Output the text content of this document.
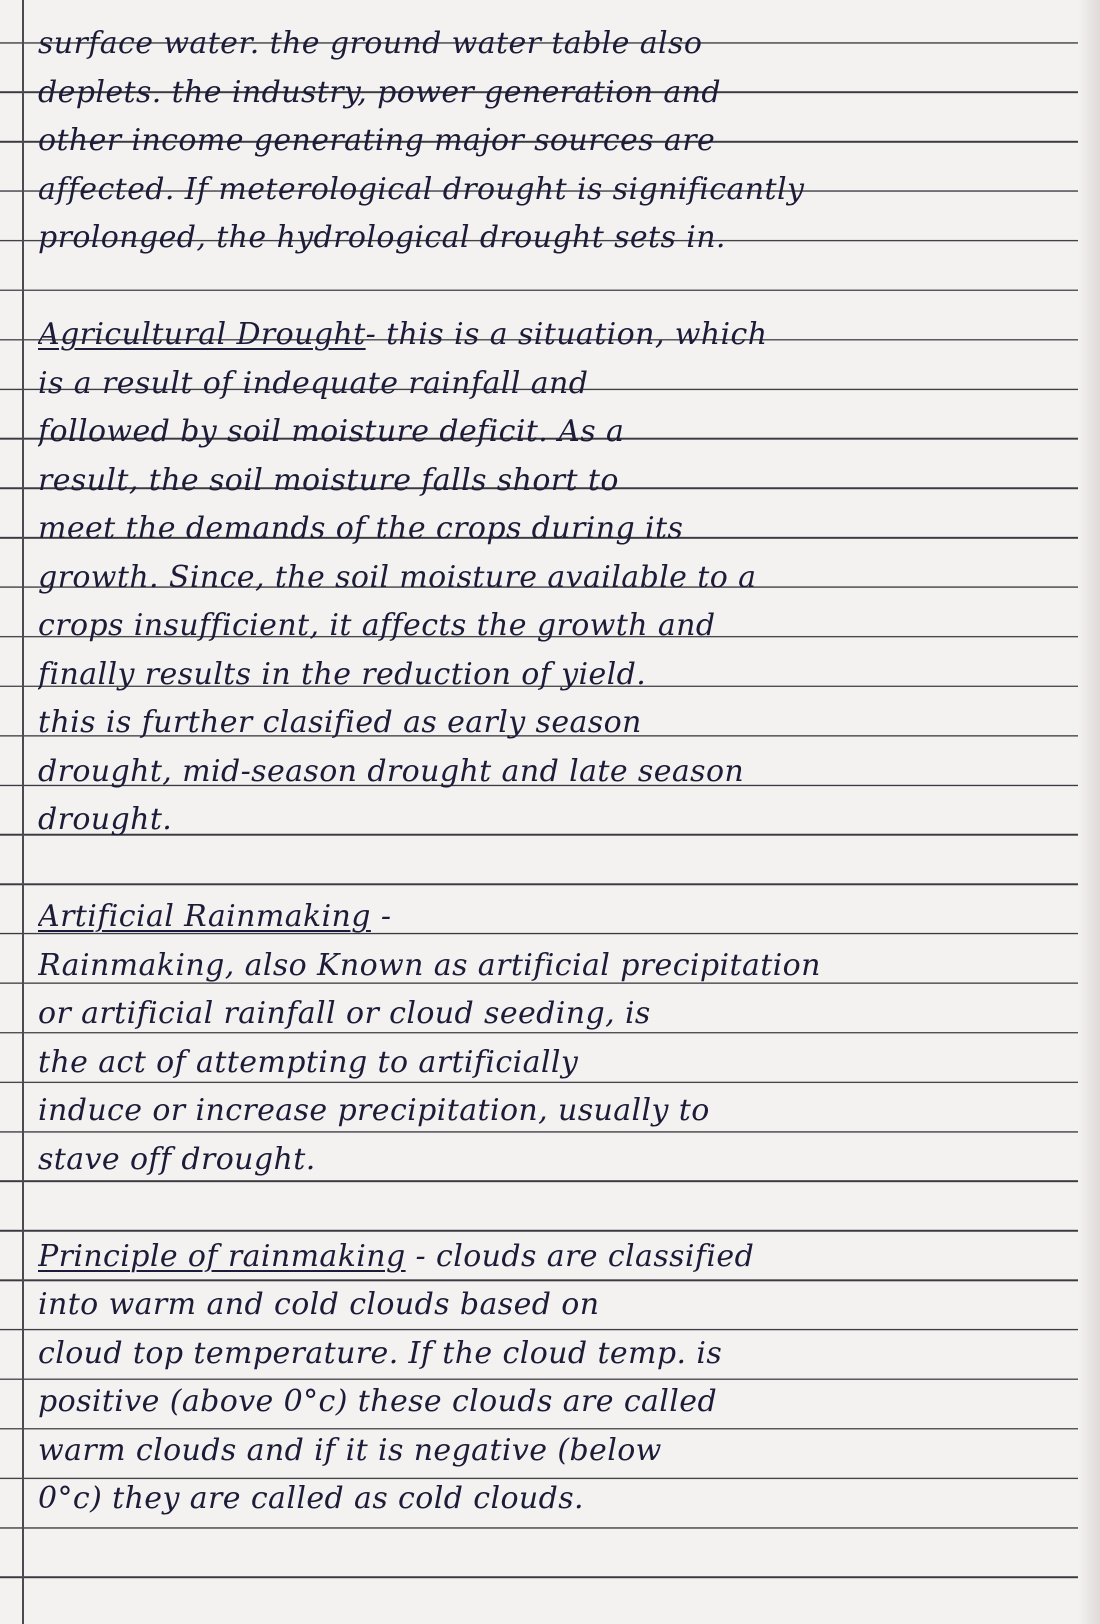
surface water. the ground water table also
deplets. the industry, power generation and
other income generating major sources are
affected. If meterological drought is significantly
prolonged, the hydrological drought sets in.
Agricultural Drought- this is a situation, which
is a result of indequate rainfall and
followed by soil moisture deficit. As a
result, the soil moisture falls short to
meet the demands of the crops during its
growth. Since, the soil moisture available to a
crops insufficient, it affects the growth and
finally results in the reduction of yield.
this is further clasified as early season
drought, mid-season drought and late season
drought.
Artificial Rainmaking -
Rainmaking, also Known as artificial precipitation
or artificial rainfall or cloud seeding, is
the act of attempting to artificially
induce or increase precipitation, usually to
stave off drought.
Principle of rainmaking - clouds are classified
into warm and cold clouds based on
cloud top temperature. If the cloud temp. is
positive (above 0°c) these clouds are called
warm clouds and if it is negative (below
0°c) they are called as cold clouds.
